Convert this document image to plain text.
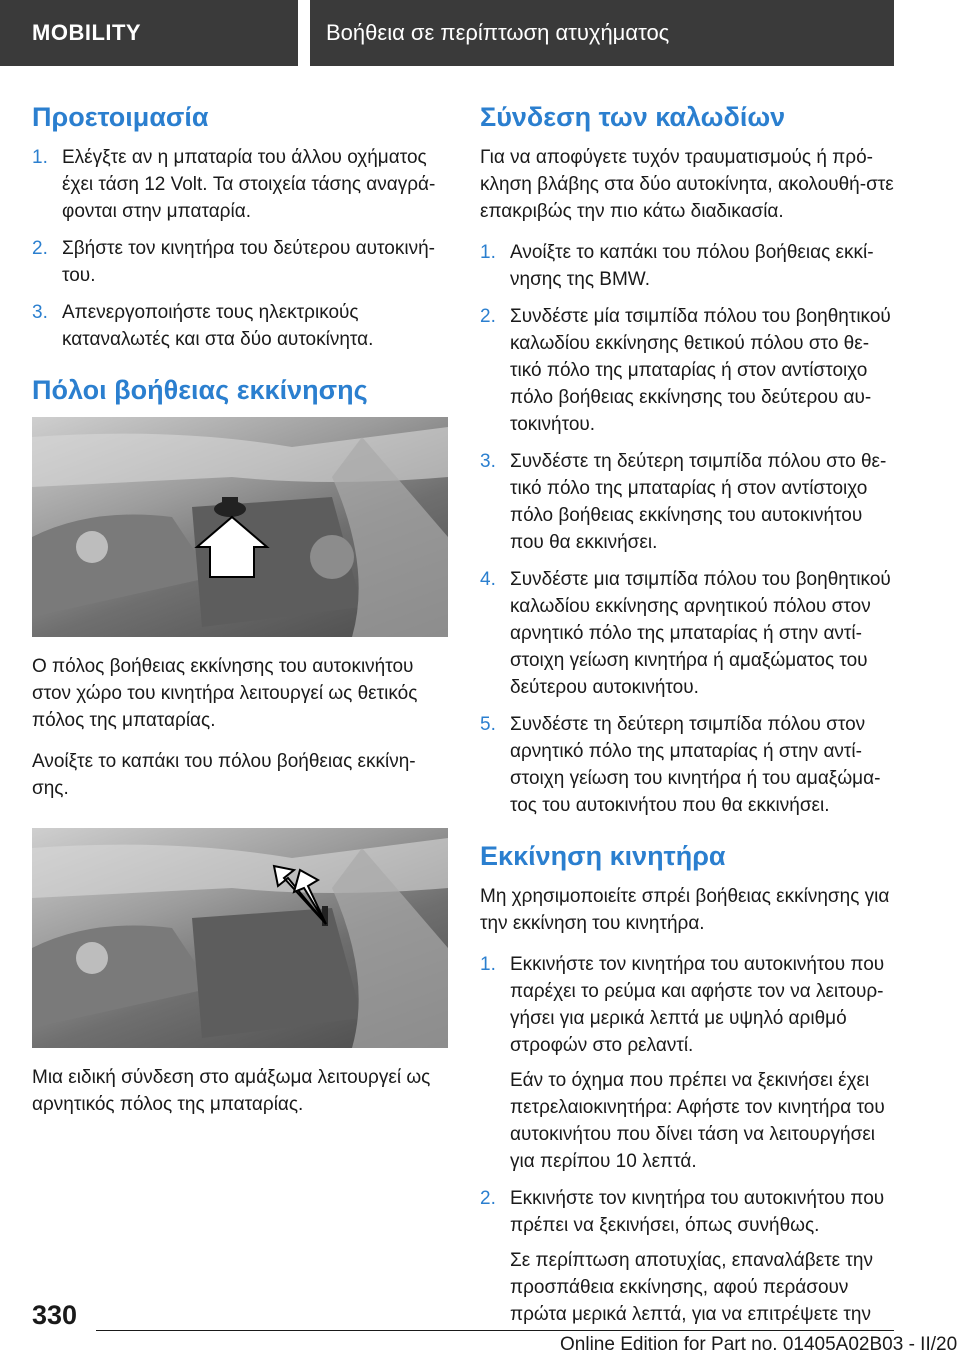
MOBILITY	Βοήθεια σε περίπτωση ατυχήματος
Προετοιμασία
1. Ελέγξτε αν η μπαταρία του άλλου οχήματος έχει τάση 12 Volt. Τα στοιχεία τάσης αναγρά‐φονται στην μπαταρία.
2. Σβήστε τον κινητήρα του δεύτερου αυτοκινή‐του.
3. Απενεργοποιήστε τους ηλεκτρικούς καταναλωτές και στα δύο αυτοκίνητα.
Πόλοι βοήθειας εκκίνησης

Ο πόλος βοήθειας εκκίνησης του αυτοκινήτου στον χώρο του κινητήρα λειτουργεί ως θετικός πόλος της μπαταρίας.

Ανοίξτε το καπάκι του πόλου βοήθειας εκκίνη‐σης.

Μια ειδική σύνδεση στο αμάξωμα λειτουργεί ως αρνητικός πόλος της μπαταρίας.

Σύνδεση των καλωδίων

Για να αποφύγετε τυχόν τραυματισμούς ή πρό‐κληση βλάβης στα δύο αυτοκίνητα, ακολουθή‐στε επακριβώς την πιο κάτω διαδικασία.

1. Ανοίξτε το καπάκι του πόλου βοήθειας εκκί‐νησης της BMW.
2. Συνδέστε μία τσιμπίδα πόλου του βοηθητικού καλωδίου εκκίνησης θετικού πόλου στο θε‐τικό πόλο της μπαταρίας ή στον αντίστοιχο πόλο βοήθειας εκκίνησης του δεύτερου αυ‐τοκινήτου.
3. Συνδέστε τη δεύτερη τσιμπίδα πόλου στο θε‐τικό πόλο της μπαταρίας ή στον αντίστοιχο πόλο βοήθειας εκκίνησης του αυτοκινήτου που θα εκκινήσει.
4. Συνδέστε μια τσιμπίδα πόλου του βοηθητικού καλωδίου εκκίνησης αρνητικού πόλου στον αρνητικό πόλο της μπαταρίας ή στην αντί‐στοιχη γείωση κινητήρα ή αμαξώματος του δεύτερου αυτοκινήτου.
5. Συνδέστε τη δεύτερη τσιμπίδα πόλου στον αρνητικό πόλο της μπαταρίας ή στην αντί‐στοιχη γείωση του κινητήρα ή του αμαξώμα‐τος του αυτοκινήτου που θα εκκινήσει.
Εκκίνηση κινητήρα

Μη χρησιμοποιείτε σπρέι βοήθειας εκκίνησης για την εκκίνηση του κινητήρα.

1. Εκκινήστε τον κινητήρα του αυτοκινήτου που παρέχει το ρεύμα και αφήστε τον να λειτουρ‐γήσει για μερικά λεπτά με υψηλό αριθμό στροφών στο ρελαντί.

Εάν το όχημα που πρέπει να ξεκινήσει έχει πετρελαιοκινητήρα: Αφήστε τον κινητήρα του αυτοκινήτου που δίνει τάση να λειτουργήσει για περίπου 10 λεπτά.

2. Εκκινήστε τον κινητήρα του αυτοκινήτου που πρέπει να ξεκινήσει, όπως συνήθως.

Σε περίπτωση αποτυχίας, επαναλάβετε την προσπάθεια εκκίνησης, αφού περάσουν πρώτα μερικά λεπτά, για να επιτρέψετε την

330
Online Edition for Part no. 01405A02B03 - II/20
